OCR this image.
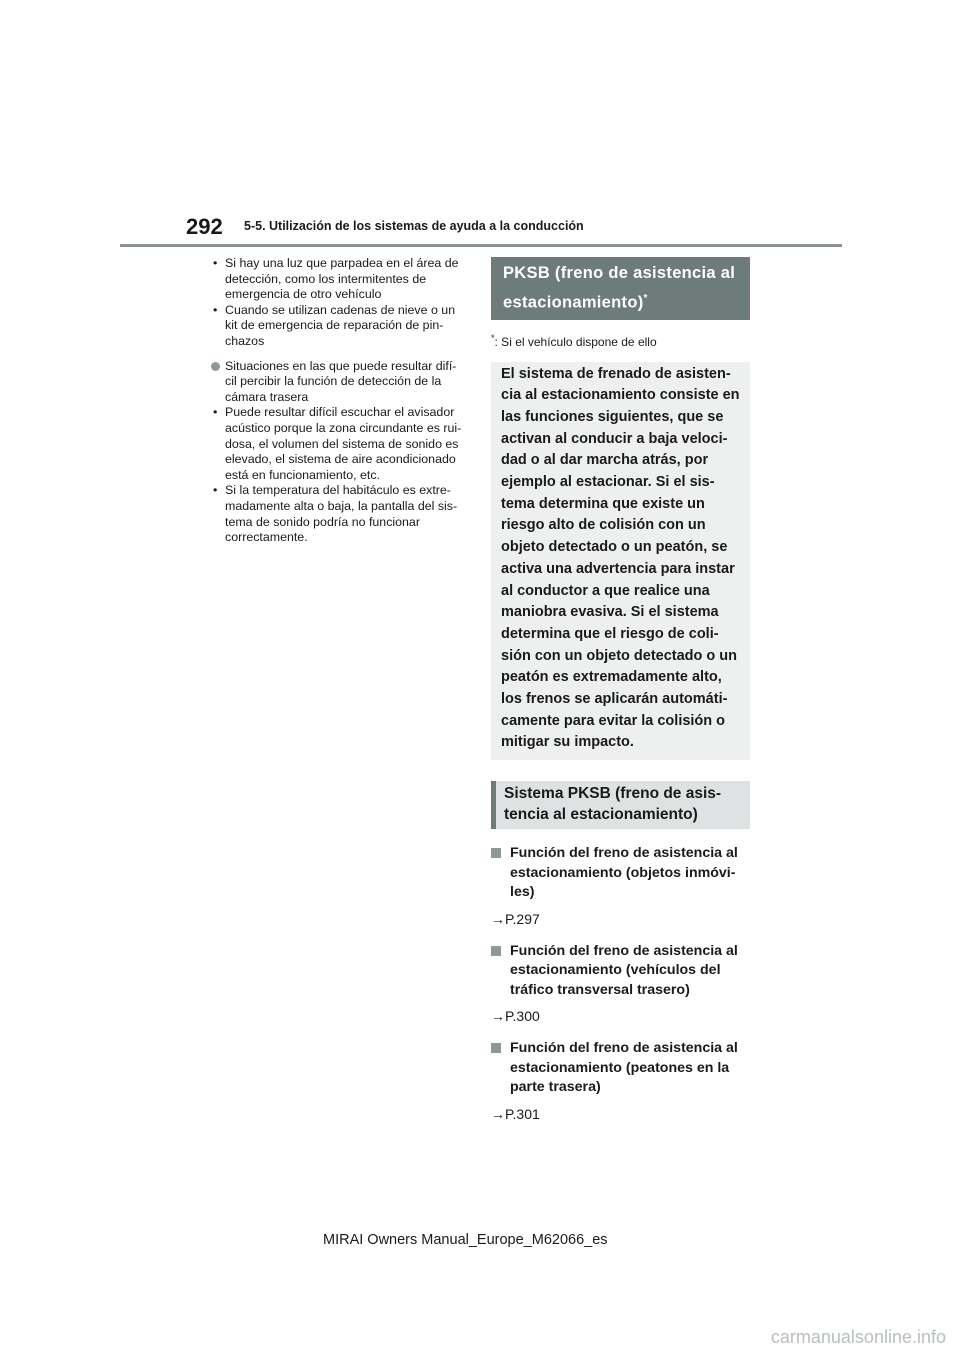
292 5-5. Utilización de los sistemas de ayuda a la conducción
• Si hay una luz que parpadea en el área de detección, como los intermitentes de emergencia de otro vehículo
• Cuando se utilizan cadenas de nieve o un kit de emergencia de reparación de pin-chazos
Situaciones en las que puede resultar difí-cil percibir la función de detección de la cámara trasera
• Puede resultar difícil escuchar el avisador acústico porque la zona circundante es rui-dosa, el volumen del sistema de sonido es elevado, el sistema de aire acondicionado está en funcionamiento, etc.
• Si la temperatura del habitáculo es extre-madamente alta o baja, la pantalla del sis-tema de sonido podría no funcionar correctamente.
PKSB (freno de asistencia al estacionamiento)*
*: Si el vehículo dispone de ello
El sistema de frenado de asisten-cia al estacionamiento consiste en las funciones siguientes, que se activan al conducir a baja veloci-dad o al dar marcha atrás, por ejemplo al estacionar. Si el sis-tema determina que existe un riesgo alto de colisión con un objeto detectado o un peatón, se activa una advertencia para instar al conductor a que realice una maniobra evasiva. Si el sistema determina que el riesgo de coli-sión con un objeto detectado o un peatón es extremadamente alto, los frenos se aplicarán automáti-camente para evitar la colisión o mitigar su impacto.
Sistema PKSB (freno de asis-tencia al estacionamiento)
Función del freno de asistencia al estacionamiento (objetos inmóvi-les)
→P.297
Función del freno de asistencia al estacionamiento (vehículos del tráfico transversal trasero)
→P.300
Función del freno de asistencia al estacionamiento (peatones en la parte trasera)
→P.301
MIRAI Owners Manual_Europe_M62066_es
carmanualsonline.info
